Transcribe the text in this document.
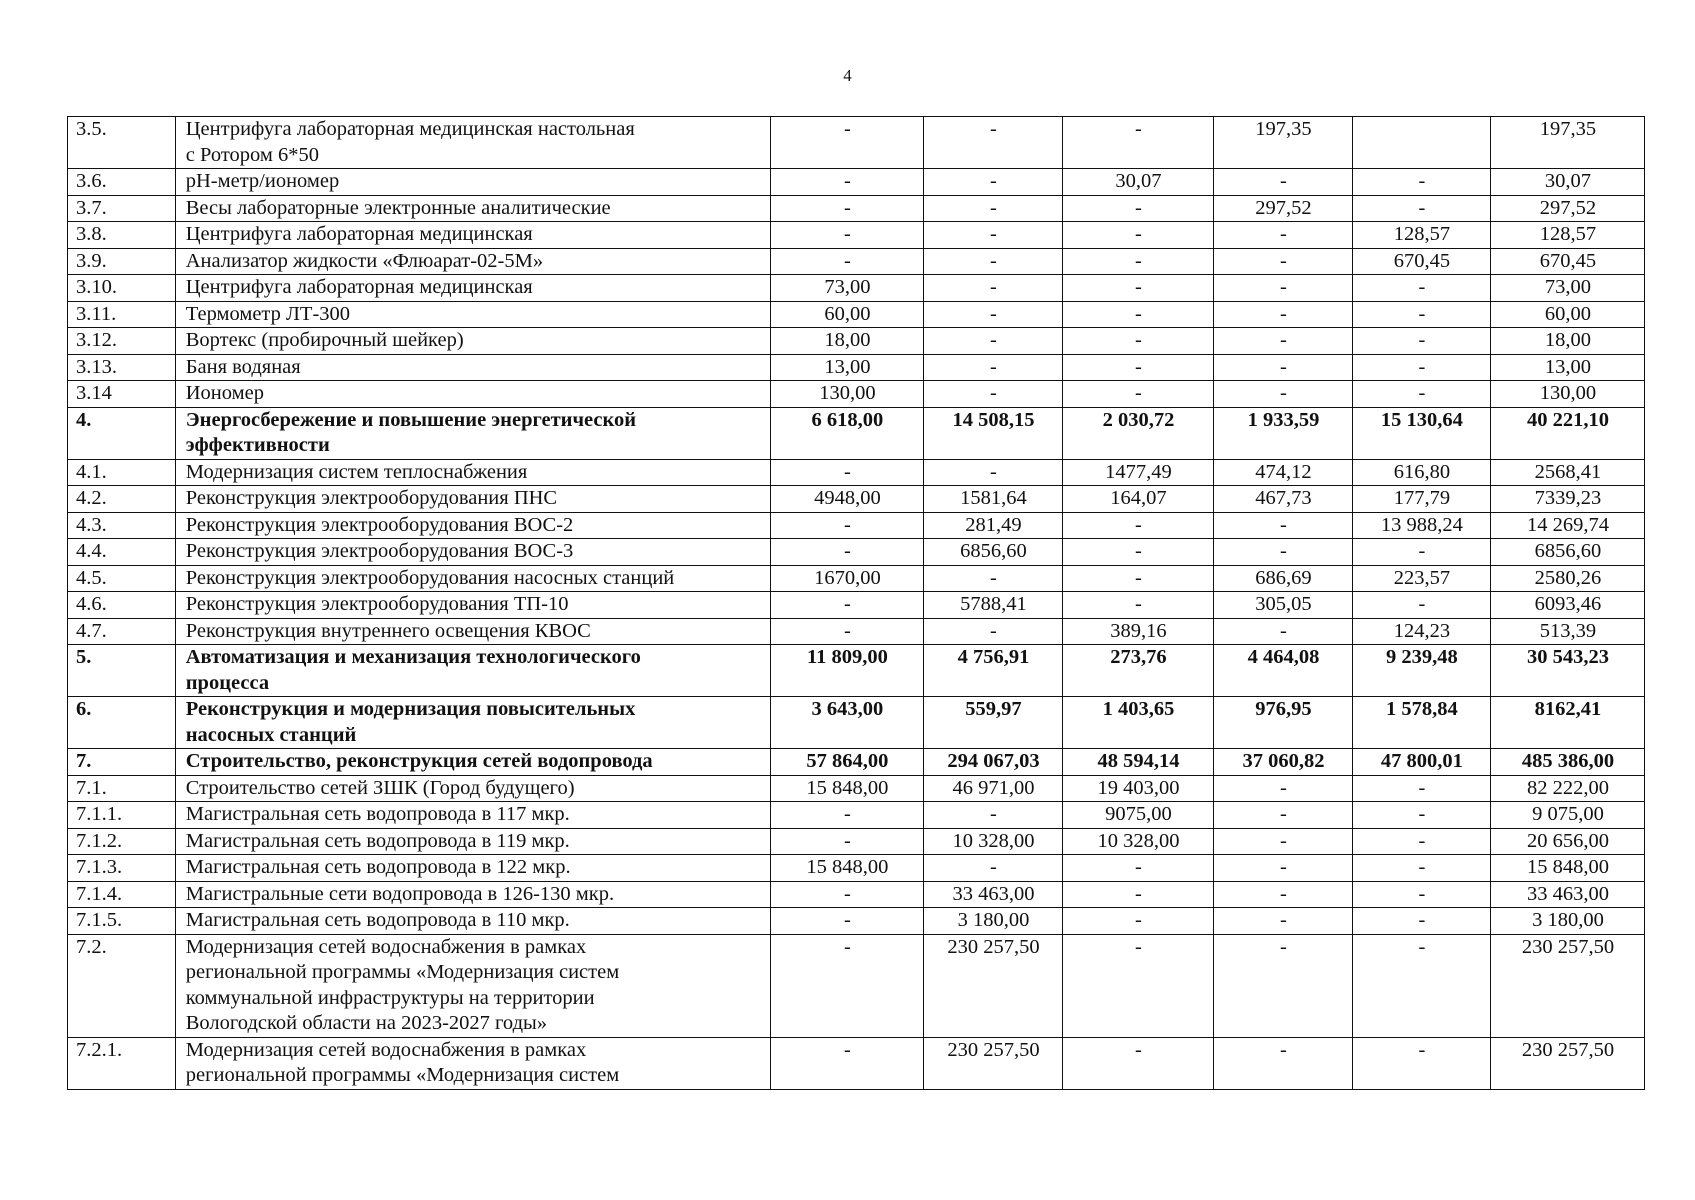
4
3.5.	Центрифуга лабораторная медицинская настольная
с Ротором 6*50	-	-	-	197,35		197,35
3.6.	рН-метр/иономер	-	-	30,07	-	-	30,07
3.7.	Весы лабораторные электронные аналитические	-	-	-	297,52	-	297,52
3.8.	Центрифуга лабораторная медицинская	-	-	-	-	128,57	128,57
3.9.	Анализатор жидкости «Флюарат-02-5М»	-	-	-	-	670,45	670,45
3.10.	Центрифуга лабораторная медицинская	73,00	-	-	-	-	73,00
3.11.	Термометр ЛТ-300	60,00	-	-	-	-	60,00
3.12.	Вортекс (пробирочный шейкер)	18,00	-	-	-	-	18,00
3.13.	Баня водяная	13,00	-	-	-	-	13,00
3.14	Иономер	130,00	-	-	-	-	130,00
4.	Энергосбережение и повышение энергетической
эффективности	6 618,00	14 508,15	2 030,72	1 933,59	15 130,64	40 221,10
4.1.	Модернизация систем теплоснабжения	-	-	1477,49	474,12	616,80	2568,41
4.2.	Реконструкция электрооборудования ПНС	4948,00	1581,64	164,07	467,73	177,79	7339,23
4.3.	Реконструкция электрооборудования ВОС-2	-	281,49	-	-	13 988,24	14 269,74
4.4.	Реконструкция электрооборудования ВОС-3	-	6856,60	-	-	-	6856,60
4.5.	Реконструкция электрооборудования насосных станций	1670,00	-	-	686,69	223,57	2580,26
4.6.	Реконструкция электрооборудования ТП-10	-	5788,41	-	305,05	-	6093,46
4.7.	Реконструкция внутреннего освещения КВОС	-	-	389,16	-	124,23	513,39
5.	Автоматизация и механизация технологического
процесса	11 809,00	4 756,91	273,76	4 464,08	9 239,48	30 543,23
6.	Реконструкция и модернизация повысительных
насосных станций	3 643,00	559,97	1 403,65	976,95	1 578,84	8162,41
7.	Строительство, реконструкция сетей водопровода	57 864,00	294 067,03	48 594,14	37 060,82	47 800,01	485 386,00
7.1.	Строительство сетей ЗШК (Город будущего)	15 848,00	46 971,00	19 403,00	-	-	82 222,00
7.1.1.	Магистральная сеть водопровода в 117 мкр.	-	-	9075,00	-	-	9 075,00
7.1.2.	Магистральная сеть водопровода в 119 мкр.	-	10 328,00	10 328,00	-	-	20 656,00
7.1.3.	Магистральная сеть водопровода в 122 мкр.	15 848,00	-	-	-	-	15 848,00
7.1.4.	Магистральные сети водопровода в 126-130 мкр.	-	33 463,00	-	-	-	33 463,00
7.1.5.	Магистральная сеть водопровода в 110 мкр.	-	3 180,00	-	-	-	3 180,00
7.2.	Модернизация сетей водоснабжения в рамках
региональной программы «Модернизация систем
коммунальной инфраструктуры на территории
Вологодской области на 2023-2027 годы»	-	230 257,50	-	-	-	230 257,50
7.2.1.	Модернизация сетей водоснабжения в рамках
региональной программы «Модернизация систем	-	230 257,50	-	-	-	230 257,50
